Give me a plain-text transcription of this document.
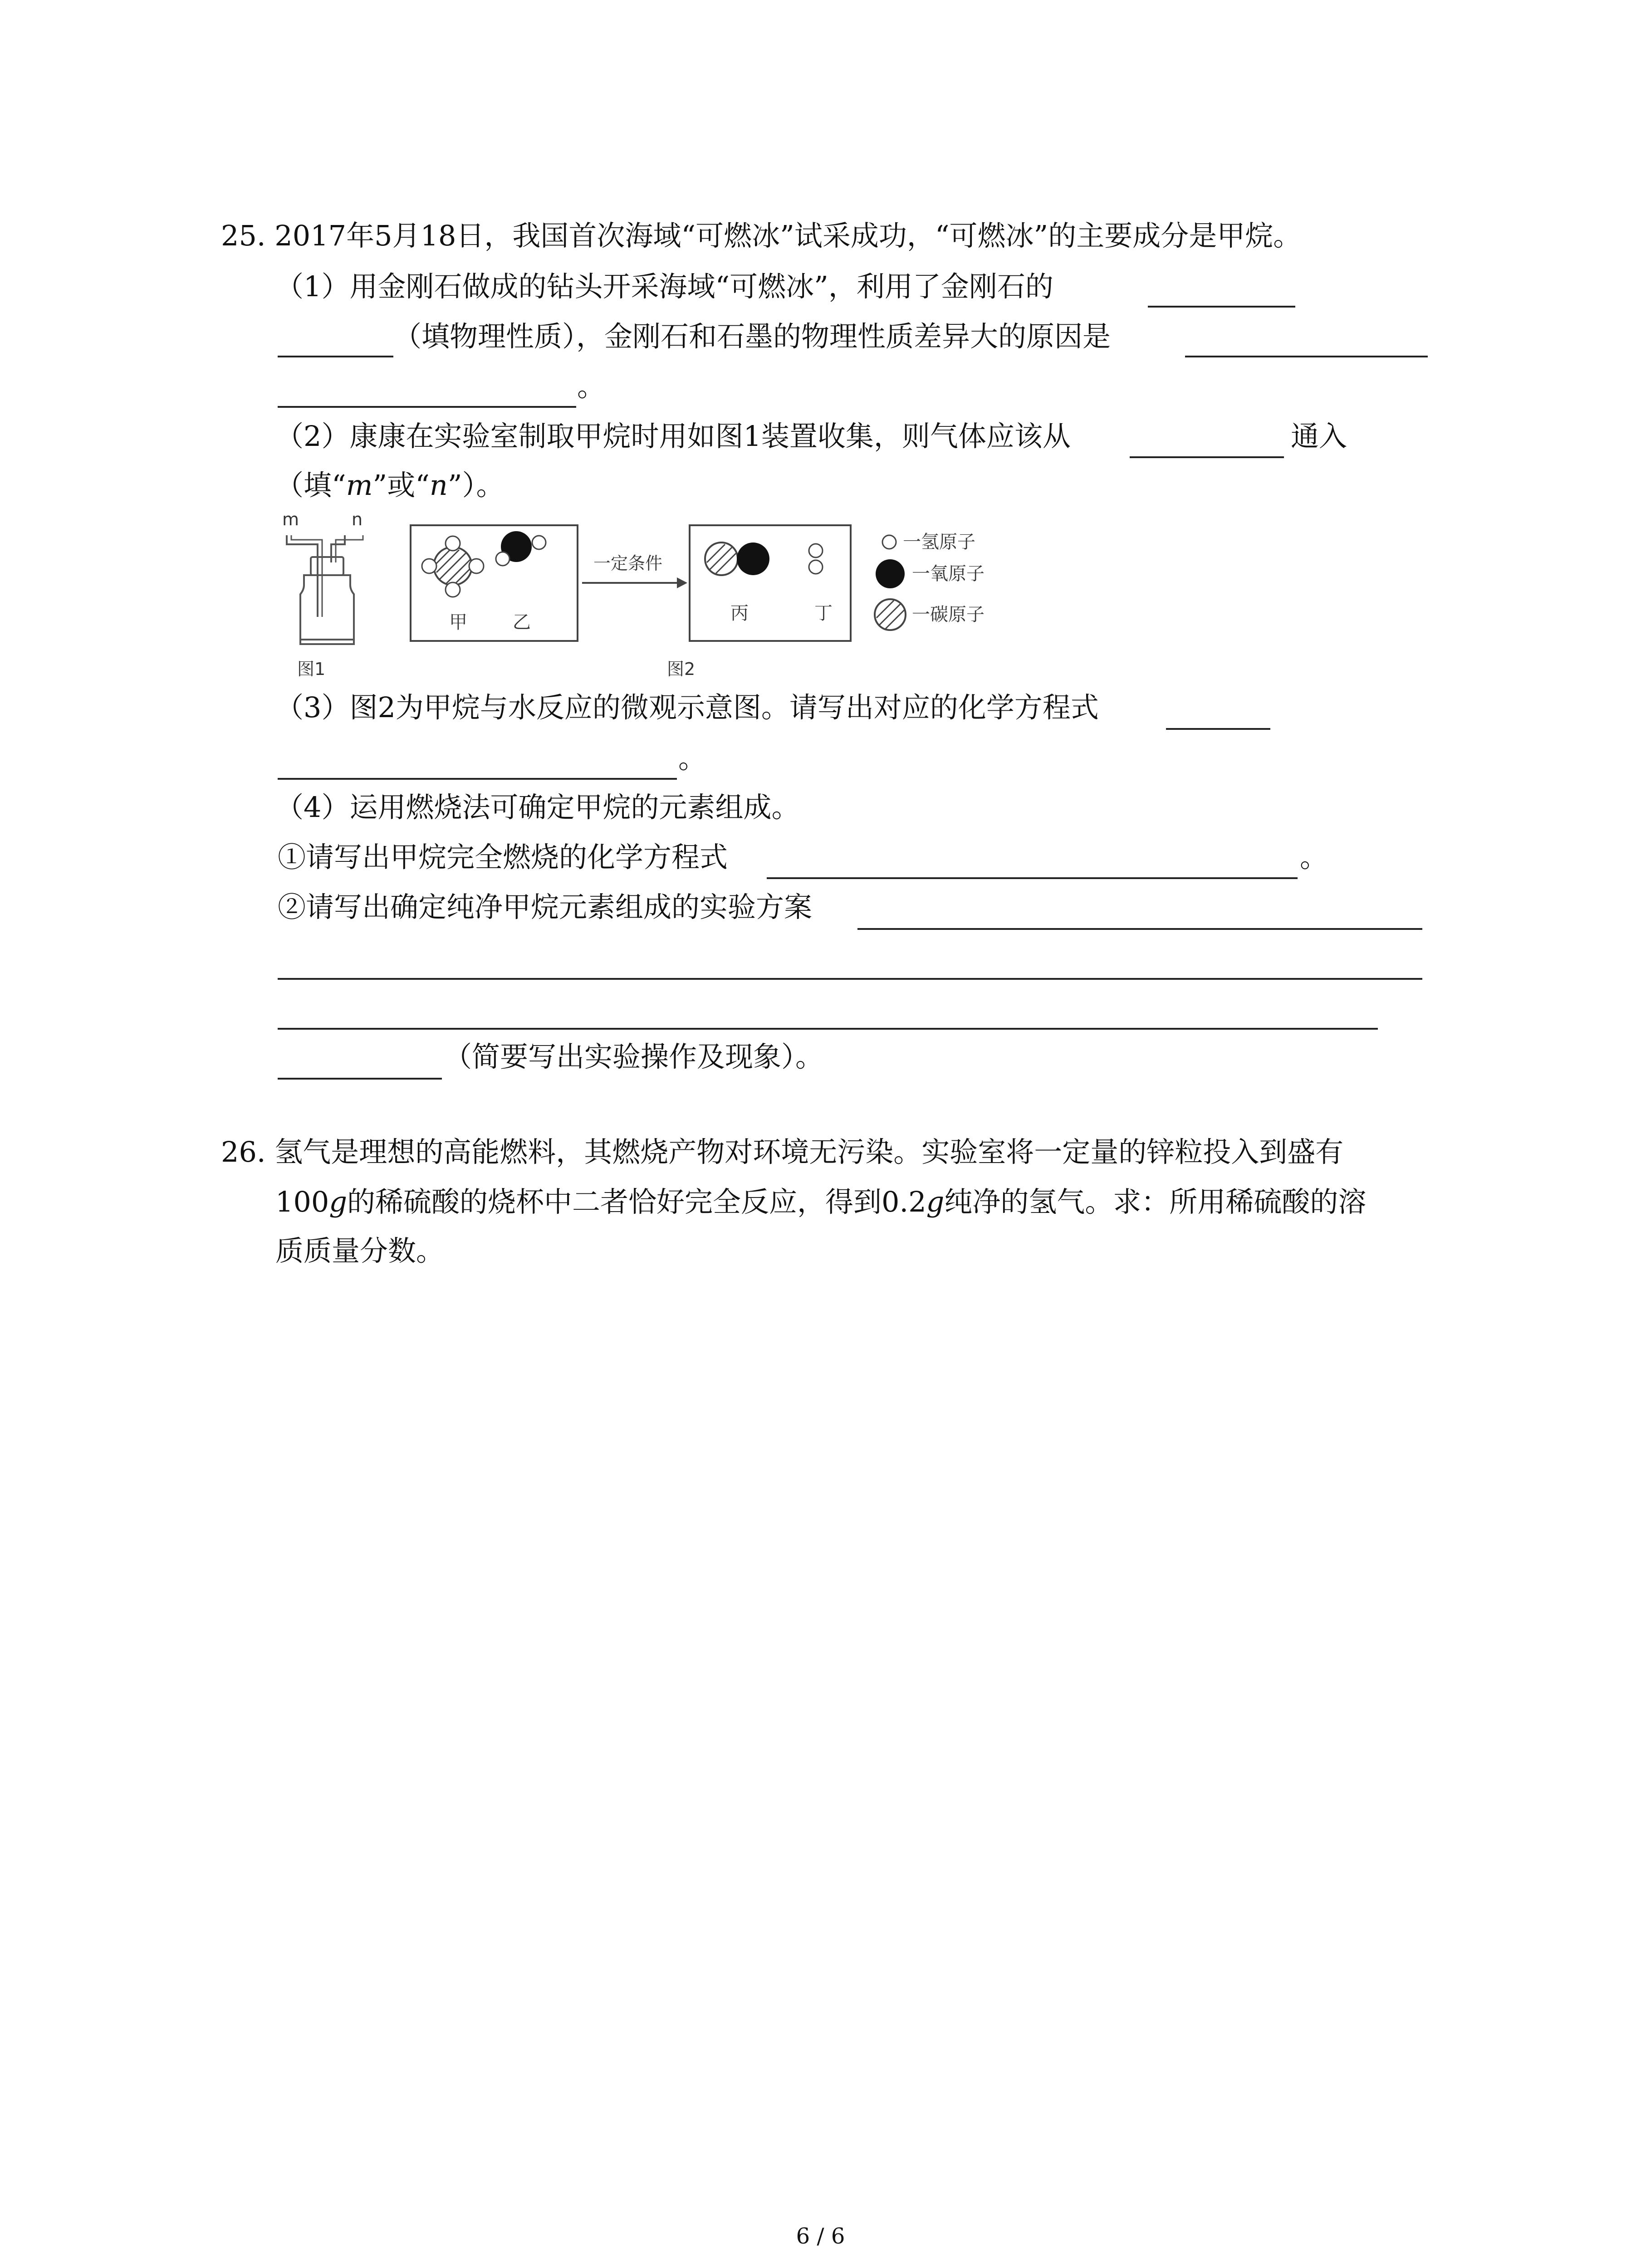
25. 2017年5月18日，我国首次海域“可燃冰”试采成功，“可燃冰”的主要成分是甲烷。
（1）用金刚石做成的钻头开采海域“可燃冰”，利用了金刚石的
（填物理性质），金刚石和石墨的物理性质差异大的原因是
。
（2）康康在实验室制取甲烷时用如图1装置收集，则气体应该从	通入
（填“m”或“n”）。
m	n
图1
甲	乙
一定条件
丙	丁
图2
一氢原子
一氧原子
一碳原子
（3）图2为甲烷与水反应的微观示意图。请写出对应的化学方程式
。
（4）运用燃烧法可确定甲烷的元素组成。
①请写出甲烷完全燃烧的化学方程式	。
②请写出确定纯净甲烷元素组成的实验方案
（简要写出实验操作及现象）。
26. 氢气是理想的高能燃料，其燃烧产物对环境无污染。实验室将一定量的锌粒投入到盛有
100g的稀硫酸的烧杯中二者恰好完全反应，得到0.2g纯净的氢气。求：所用稀硫酸的溶
质质量分数。
6 / 6
